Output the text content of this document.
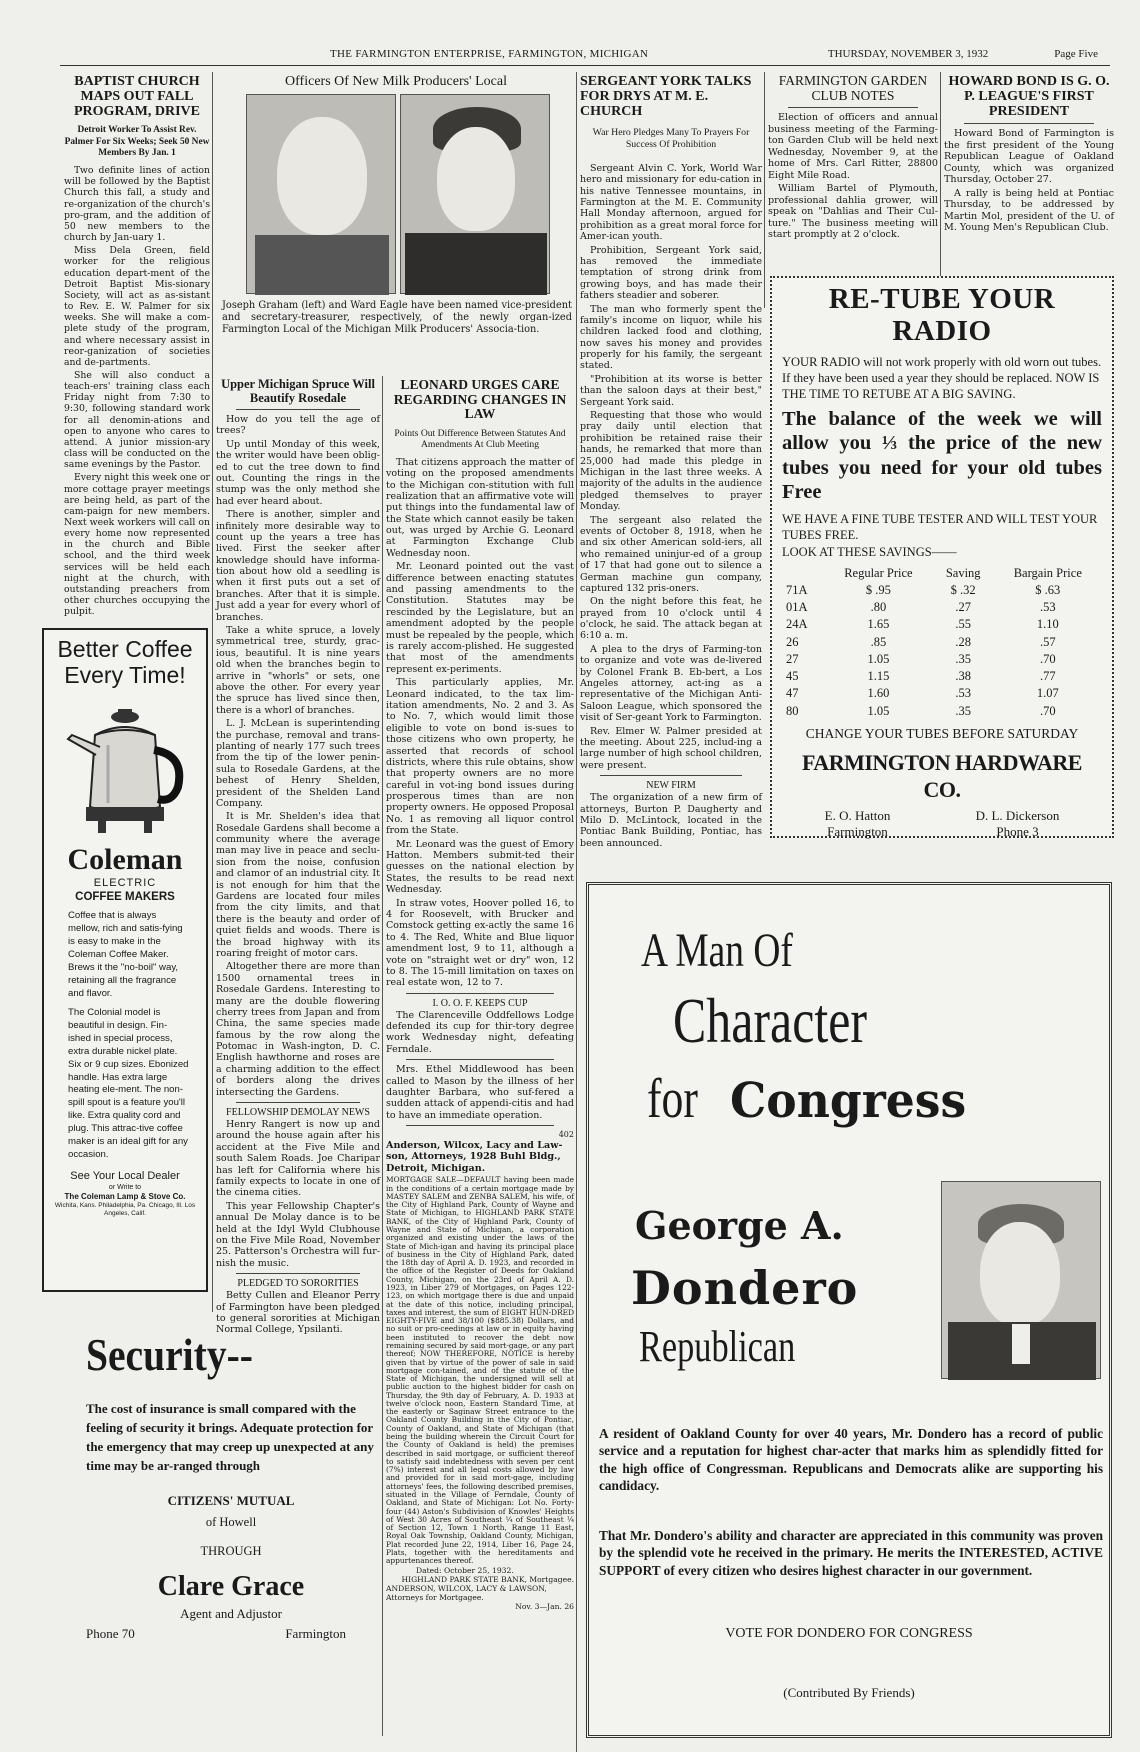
THE FARMINGTON ENTERPRISE, FARMINGTON, MICHIGAN	THURSDAY, NOVEMBER 3, 1932	Page Five
BAPTIST CHURCH MAPS OUT FALL PROGRAM, DRIVE
Detroit Worker To Assist Rev. Palmer For Six Weeks; Seek 50 New Members By Jan. 1

Two definite lines of action will be followed by the Baptist Church this fall, a study and re-organization of the church's pro-gram, and the addition of 50 new members to the church by Jan-uary 1.

Miss Dela Green, field worker for the religious education depart-ment of the Detroit Baptist Mis-sionary Society, will act as as-sistant to Rev. E. W. Palmer for six weeks. She will make a com-plete study of the program, and where necessary assist in reor-ganization of societies and de-partments.

She will also conduct a teach-ers' training class each Friday night from 7:30 to 9:30, following standard work for all denomin-ations and open to anyone who cares to attend. A junior mission-ary class will be conducted on the same evenings by the Pastor.

Every night this week one or more cottage prayer meetings are being held, as part of the cam-paign for new members. Next week workers will call on every home now represented in the church and Bible school, and the third week services will be held each night at the church, with outstanding preachers from other churches occupying the pulpit.

Officers Of New Milk Producers' Local
Joseph Graham (left) and Ward Eagle have been named vice-president and secretary-treasurer, respectively, of the newly organ-ized Farmington Local of the Michigan Milk Producers' Associa-tion.
SERGEANT YORK TALKS FOR DRYS AT M. E. CHURCH
War Hero Pledges Many To Prayers For Success Of Prohibition

Sergeant Alvin C. York, World War hero and missionary for edu-cation in his native Tennessee mountains, in Farmington at the M. E. Community Hall Monday afternoon, argued for prohibition as a great moral force for Amer-ican youth.

Prohibition, Sergeant York said, has removed the immediate temptation of strong drink from growing boys, and has made their fathers steadier and soberer.

The man who formerly spent the family's income on liquor, while his children lacked food and clothing, now saves his money and provides properly for his family, the sergeant stated.

"Prohibition at its worse is better than the saloon days at their best," Sergeant York said.

Requesting that those who would pray daily until election that prohibition be retained raise their hands, he remarked that more than 25,000 had made this pledge in Michigan in the last three weeks. A majority of the adults in the audience pledged themselves to prayer Monday.

The sergeant also related the events of October 8, 1918, when he and six other American sold-iers, all who remained uninjur-ed of a group of 17 that had gone out to silence a German machine gun company, captured 132 pris-oners.

On the night before this feat, he prayed from 10 o'clock until 4 o'clock, he said. The attack began at 6:10 a. m.

A plea to the drys of Farming-ton to organize and vote was de-livered by Colonel Frank B. Eb-bert, a Los Angeles attorney, act-ing as a representative of the Michigan Anti-Saloon League, which sponsored the visit of Ser-geant York to Farmington.

Rev. Elmer W. Palmer presided at the meeting. About 225, includ-ing a large number of high school children, were present.

NEW FIRM

The organization of a new firm of attorneys, Burton P. Daugherty and Milo D. McLintock, located in the Pontiac Bank Building, Pontiac, has been announced.

FARMINGTON GARDEN CLUB NOTES

Election of officers and annual business meeting of the Farming-ton Garden Club will be held next Wednesday, November 9, at the home of Mrs. Carl Ritter, 28800 Eight Mile Road.

William Bartel of Plymouth, professional dahlia grower, will speak on "Dahlias and Their Cul-ture." The business meeting will start promptly at 2 o'clock.

HOWARD BOND IS G. O. P. LEAGUE'S FIRST PRESIDENT

Howard Bond of Farmington is the first president of the Young Republican League of Oakland County, which was organized Thursday, October 27.

A rally is being held at Pontiac Thursday, to be addressed by Martin Mol, president of the U. of M. Young Men's Republican Club.

RE-TUBE YOUR RADIO
YOUR RADIO will not work properly with old worn out tubes. If they have been used a year they should be replaced. NOW IS THE TIME TO RETUBE AT A BIG SAVING.
The balance of the week we will allow you ⅓ the price of the new tubes you need for your old tubes Free
WE HAVE A FINE TUBE TESTER AND WILL TEST YOUR TUBES FREE.
LOOK AT THESE SAVINGS——
	Regular Price	Saving	Bargain Price
71A	$ .95	$ .32	$ .63
01A	.80	.27	.53
24A	1.65	.55	1.10
26	.85	.28	.57
27	1.05	.35	.70
45	1.15	.38	.77
47	1.60	.53	1.07
80	1.05	.35	.70
CHANGE YOUR TUBES BEFORE SATURDAY
FARMINGTON HARDWARE CO.
E. O. Hatton
Farmington
D. L. Dickerson
Phone 3
Upper Michigan Spruce Will Beautify Rosedale

How do you tell the age of trees?

Up until Monday of this week, the writer would have been oblig-ed to cut the tree down to find out. Counting the rings in the stump was the only method she had ever heard about.

There is another, simpler and infinitely more desirable way to count up the years a tree has lived. First the seeker after knowledge should have informa-tion about how old a seedling is when it first puts out a set of branches. After that it is simple. Just add a year for every whorl of branches.

Take a white spruce, a lovely symmetrical tree, sturdy, grac-ious, beautiful. It is nine years old when the branches begin to arrive in "whorls" or sets, one above the other. For every year the spruce has lived since then, there is a whorl of branches.

L. J. McLean is superintending the purchase, removal and trans-planting of nearly 177 such trees from the tip of the lower penin-sula to Rosedale Gardens, at the behest of Henry Shelden, president of the Shelden Land Company.

It is Mr. Shelden's idea that Rosedale Gardens shall become a community where the average man may live in peace and seclu-sion from the noise, confusion and clamor of an industrial city. It is not enough for him that the Gardens are located four miles from the city limits, and that there is the beauty and order of quiet fields and woods. There is the broad highway with its roaring freight of motor cars.

Altogether there are more than 1500 ornamental trees in Rosedale Gardens. Interesting to many are the double flowering cherry trees from Japan and from China, the same species made famous by the row along the Potomac in Wash-ington, D. C. English hawthorne and roses are a charming addition to the effect of borders along the drives intersecting the Gardens.

FELLOWSHIP DEMOLAY NEWS

Henry Rangert is now up and around the house again after his accident at the Five Mile and south Salem Roads. Joe Charipar has left for California where his family expects to locate in one of the cinema cities.

This year Fellowship Chapter's annual De Molay dance is to be held at the Idyl Wyld Clubhouse on the Five Mile Road, November 25. Patterson's Orchestra will fur-nish the music.

PLEDGED TO SORORITIES

Betty Cullen and Eleanor Perry of Farmington have been pledged to general sororities at Michigan Normal College, Ypsilanti.

LEONARD URGES CARE REGARDING CHANGES IN LAW
Points Out Difference Between Statutes And Amendments At Club Meeting

That citizens approach the matter of voting on the proposed amendments to the Michigan con-stitution with full realization that an affirmative vote will put things into the fundamental law of the State which cannot easily be taken out, was urged by Archie G. Leonard at Farmington Exchange Club Wednesday noon.

Mr. Leonard pointed out the vast difference between enacting statutes and passing amendments to the Constitution. Statutes may be rescinded by the Legislature, but an amendment adopted by the people must be repealed by the people, which is rarely accom-plished. He suggested that most of the amendments represent ex-periments.

This particularly applies, Mr. Leonard indicated, to the tax lim-itation amendments, No. 2 and 3. As to No. 7, which would limit those eligible to vote on bond is-sues to those citizens who own property, he asserted that records of school districts, where this rule obtains, show that property owners are no more careful in vot-ing bond issues during prosperous times than are non property owners. He opposed Proposal No. 1 as removing all liquor control from the State.

Mr. Leonard was the guest of Emory Hatton. Members submit-ted their guesses on the national election by States, the results to be read next Wednesday.

In straw votes, Hoover polled 16, to 4 for Roosevelt, with Brucker and Comstock getting ex-actly the same 16 to 4. The Red, White and Blue liquor amendment lost, 9 to 11, although a vote on "straight wet or dry" won, 12 to 8. The 15-mill limitation on taxes on real estate won, 12 to 7.

I. O. O. F. KEEPS CUP

The Clarenceville Oddfellows Lodge defended its cup for thir-tory degree work Wednesday night, defeating Ferndale.

Mrs. Ethel Middlewood has been called to Mason by the illness of her daughter Barbara, who suf-fered a sudden attack of appendi-citis and had to have an immediate operation.

402
Anderson, Wilcox, Lacy and Law-son, Attorneys, 1928 Buhl Bldg., Detroit, Michigan.
MORTGAGE SALE—DEFAULT having been made in the conditions of a certain mortgage made by MASTEY SALEM and ZENBA SALEM, his wife, of the City of Highland Park, County of Wayne and State of Michigan, to HIGHLAND PARK STATE BANK, of the City of Highland Park, County of Wayne and State of Michigan, a corporation organized and existing under the laws of the State of Mich-igan and having its principal place of business in the City of Highland Park, dated the 18th day of April A. D. 1923, and recorded in the office of the Register of Deeds for Oakland County, Michigan, on the 23rd of April A. D. 1923, in Liber 279 of Mortgages, on Pages 122-123, on which mortgage there is due and unpaid at the date of this notice, including principal, taxes and interest, the sum of EIGHT HUN-DRED EIGHTY-FIVE and 38/100 ($885.38) Dollars, and no suit or pro-ceedings at law or in equity having been instituted to recover the debt now remaining secured by said mort-gage, or any part thereof; NOW THEREFORE, NOTICE is hereby given that by virtue of the power of sale in said mortgage con-tained, and of the statute of the State of Michigan, the undersigned will sell at public auction to the highest bidder for cash on Thursday, the 9th day of February, A. D. 1933 at twelve o'clock noon, Eastern Standard Time, at the easterly or Saginaw Street entrance to the Oakland County Building in the City of Pontiac, County of Oakland, and State of Michigan (that being the building wherein the Circuit Court for the County of Oakland is held) the premises described in said mortgage, or sufficient thereof to satisfy said indebtedness with seven per cent (7%) interest and all legal costs allowed by law and provided for in said mort-gage, including attorneys' fees, the following described premises, situated in the Village of Ferndale, County of Oakland, and State of Michigan: Lot No. Forty-four (44) Aston's Subdivision of Knowles' Heights of West 30 Acres of Southeast ¼ of Southeast ¼ of Section 12, Town 1 North, Range 11 East, Royal Oak Township, Oakland County, Michigan, Plat recorded June 22, 1914, Liber 16, Page 24, Plats, together with the hereditaments and appurtenances thereof.
Dated: October 25, 1932.
HIGHLAND PARK STATE BANK, Mortgagee.
ANDERSON, WILCOX, LACY & LAWSON, Attorneys for Mortgagee.
Nov. 3—Jan. 26
Better Coffee
Every Time!
Coleman
ELECTRIC
COFFEE MAKERS

Coffee that is always mellow, rich and satis-fying is easy to make in the Coleman Coffee Maker. Brews it the "no-boil" way, retaining all the fragrance and flavor.

The Colonial model is beautiful in design. Fin-ished in special process, extra durable nickel plate. Six or 9 cup sizes. Ebonized handle. Has extra large heating ele-ment. The non-spill spout is a feature you'll like. Extra quality cord and plug. This attrac-tive coffee maker is an ideal gift for any occasion.

See Your Local Dealer
or Write to
The Coleman Lamp & Stove Co.
Wichita, Kans. Philadelphia, Pa. Chicago, Ill. Los Angeles, Calif.
Security--
The cost of insurance is small compared with the feeling of security it brings. Adequate protection for the emergency that may creep up unexpected at any time may be ar-ranged through
CITIZENS' MUTUAL
of Howell
THROUGH
Clare Grace
Agent and Adjustor
Phone 70	Farmington
A Man Of
Character
for Congress
George A.
Dondero
Republican
A resident of Oakland County for over 40 years, Mr. Dondero has a record of public service and a reputation for highest char-acter that marks him as splendidly fitted for the high office of Congressman. Republicans and Democrats alike are supporting his candidacy.
That Mr. Dondero's ability and character are appreciated in this community was proven by the splendid vote he received in the primary. He merits the INTERESTED, ACTIVE SUPPORT of every citizen who desires highest character in our government.
VOTE FOR DONDERO FOR CONGRESS
(Contributed By Friends)
